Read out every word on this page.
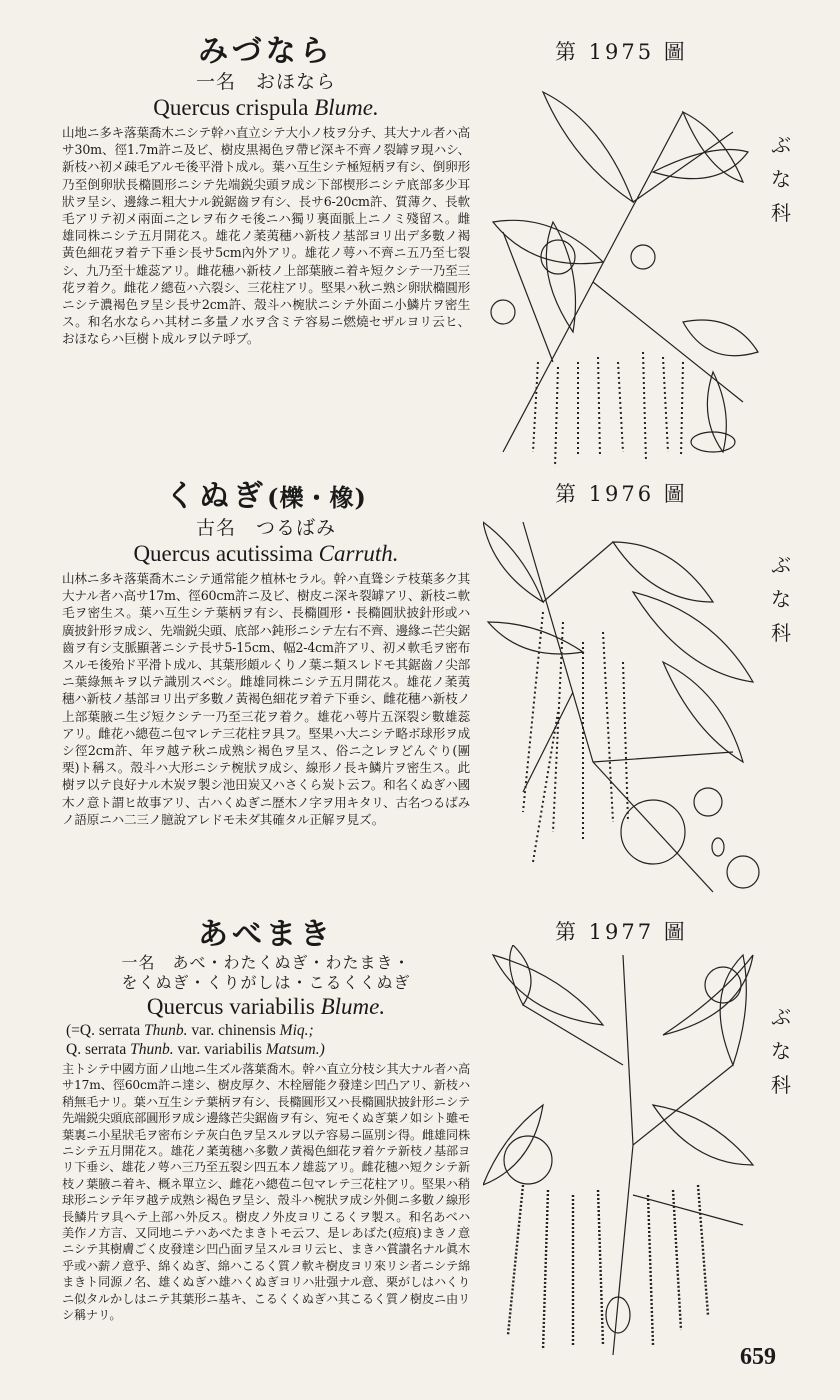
みづなら
一名　おほなら
Quercus crispula Blume.

山地ニ多キ落葉喬木ニシテ幹ハ直立シテ大小ノ枝ヲ分チ、其大ナル者ハ高サ30m、徑1.7m許ニ及ビ、樹皮黒褐色ヲ帶ビ深キ不齊ノ裂罅ヲ現ハシ、新枝ハ初メ疎毛アルモ後平滑ト成ル。葉ハ互生シテ極短柄ヲ有シ、倒卵形乃至倒卵狀長橢圓形ニシテ先端鋭尖頭ヲ成シ下部楔形ニシテ底部多少耳狀ヲ呈シ、邊緣ニ粗大ナル鋭鋸齒ヲ有シ、長サ6-20cm許、質薄ク、長軟毛アリテ初メ兩面ニ之レヲ布クモ後ニハ獨リ裏面脈上ニノミ殘留ス。雌雄同株ニシテ五月開花ス。雄花ノ葇荑穗ハ新枝ノ基部ヨリ出デ多數ノ褐黃色細花ヲ着テ下垂シ長サ5cm內外アリ。雄花ノ萼ハ不齊ニ五乃至七裂シ、九乃至十雄蕊アリ。雌花穗ハ新枝ノ上部葉腋ニ着キ短クシテ一乃至三花ヲ着ク。雌花ノ總苞ハ六裂シ、三花柱アリ。堅果ハ秋ニ熟シ卵狀橢圓形ニシテ濃褐色ヲ呈シ長サ2cm許、殼斗ハ椀狀ニシテ外面ニ小鱗片ヲ密生ス。和名水ならハ其材ニ多量ノ水ヲ含ミテ容易ニ燃燒セザルヨリ云ヒ、おほならハ巨樹ト成ルヲ以テ呼ブ。

第 1975 圖
ぶ
な
科
くぬぎ(櫟・橡)
古名　つるばみ
Quercus acutissima Carruth.

山林ニ多キ落葉喬木ニシテ通常能ク植林セラル。幹ハ直聳シテ枝葉多ク其大ナル者ハ高サ17m、徑60cm許ニ及ビ、樹皮ニ深キ裂罅アリ、新枝ニ軟毛ヲ密生ス。葉ハ互生シテ葉柄ヲ有シ、長橢圓形・長橢圓狀披針形或ハ廣披針形ヲ成シ、先端鋭尖頭、底部ハ鈍形ニシテ左右不齊、邊緣ニ芒尖鋸齒ヲ有シ支脈顯著ニシテ長サ5-15cm、幅2-4cm許アリ、初メ軟毛ヲ密布スルモ後殆ド平滑ト成ル、其葉形頗ルくりノ葉ニ類スレドモ其鋸齒ノ尖部ニ葉綠無キヲ以テ識別スベシ。雌雄同株ニシテ五月開花ス。雄花ノ葇荑穗ハ新枝ノ基部ヨリ出デ多數ノ黃褐色細花ヲ着テ下垂シ、雌花穗ハ新枝ノ上部葉腋ニ生ジ短クシテ一乃至三花ヲ着ク。雄花ハ萼片五深裂シ數雄蕊アリ。雌花ハ總苞ニ包マレテ三花柱ヲ具フ。堅果ハ大ニシテ略ボ球形ヲ成シ徑2cm許、年ヲ越テ秋ニ成熟シ褐色ヲ呈ス、俗ニ之レヲどんぐり(團栗)ト稱ス。殼斗ハ大形ニシテ椀狀ヲ成シ、線形ノ長キ鱗片ヲ密生ス。此樹ヲ以テ良好ナル木炭ヲ製シ池田炭又ハさくら炭ト云フ。和名くぬぎハ國木ノ意ト謂ヒ故事アリ、古ハくぬぎニ歴木ノ字ヲ用キタリ、古名つるばみノ語原ニハ二三ノ臆說アレドモ未ダ其確タル正解ヲ見ズ。

第 1976 圖
ぶ
な
科
あべまき
一名　あべ・わたくぬぎ・わたまき・
をくぬぎ・くりがしは・こるくくぬぎ
Quercus variabilis Blume.
(=Q. serrata Thunb. var. chinensis Miq.;
Q. serrata Thunb. var. variabilis Matsum.)

主トシテ中國方面ノ山地ニ生ズル落葉喬木。幹ハ直立分枝シ其大ナル者ハ高サ17m、徑60cm許ニ達シ、樹皮厚ク、木栓層能ク發達シ凹凸アリ、新枝ハ稍無毛ナリ。葉ハ互生シテ葉柄ヲ有シ、長橢圓形又ハ長橢圓狀披針形ニシテ先端鋭尖頭底部圓形ヲ成シ邊緣芒尖鋸齒ヲ有シ、宛モくぬぎ葉ノ如シト雖モ葉裏ニ小星狀毛ヲ密布シテ灰白色ヲ呈スルヲ以テ容易ニ區別シ得。雌雄同株ニシテ五月開花ス。雄花ノ葇荑穗ハ多數ノ黃褐色細花ヲ着ケテ新枝ノ基部ヨリ下垂シ、雄花ノ萼ハ三乃至五裂シ四五本ノ雄蕊アリ。雌花穗ハ短クシテ新枝ノ葉腋ニ着キ、概ネ單立シ、雌花ハ總苞ニ包マレテ三花柱アリ。堅果ハ稍球形ニシテ年ヲ越テ成熟シ褐色ヲ呈シ、殼斗ハ椀狀ヲ成シ外側ニ多數ノ線形長鱗片ヲ具ヘテ上部ハ外反ス。樹皮ノ外皮ヨリこるくヲ製ス。和名あべハ美作ノ方言、又同地ニテハあべたまきトモ云フ、是レあばた(痘痕)まきノ意ニシテ其樹膚ごく皮發達シ凹凸面ヲ呈スルヨリ云ヒ、まきハ賞讃名ナル眞木乎或ハ薪ノ意乎、綿くぬぎ、綿ハこるく質ノ軟キ樹皮ヨリ來リシ者ニシテ綿まきト同源ノ名、雄くぬぎハ雄ハくぬぎヨリハ壯强ナル意、栗がしはハくりニ似タルかしはニテ其葉形ニ基キ、こるくくぬぎハ其こるく質ノ樹皮ニ由リシ稱ナリ。

第 1977 圖
ぶ
な
科
659
